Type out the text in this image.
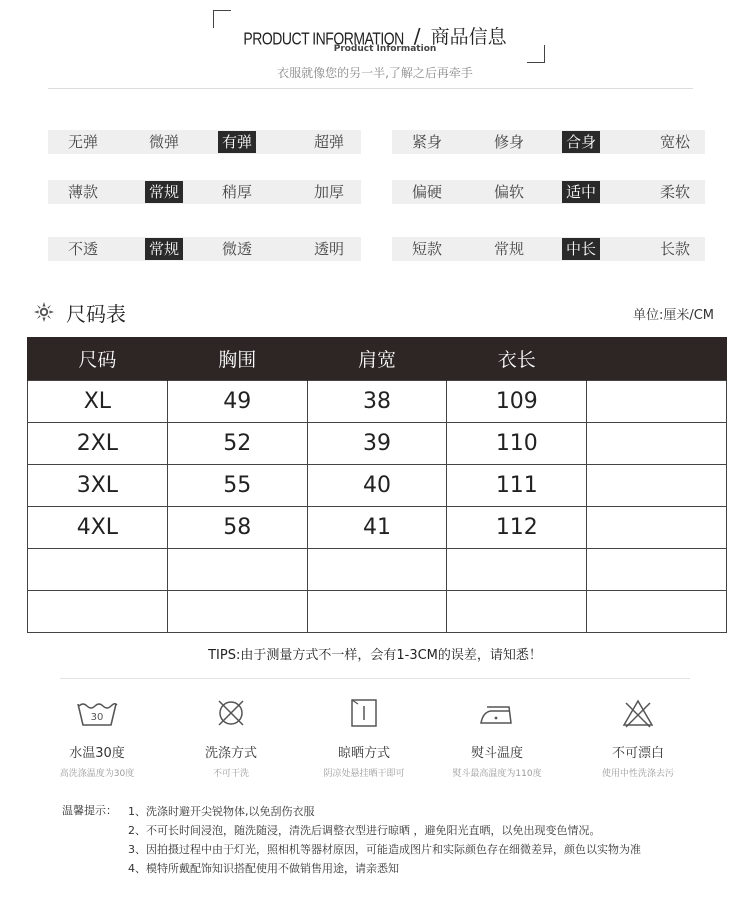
PRODUCT INFORMATION / 商品信息
Product Information
衣服就像您的另一半,了解之后再牵手
无弹	微弹	有弹	超弹	紧身	修身	合身	宽松
薄款	常规	稍厚	加厚	偏硬	偏软	适中	柔软
不透	常规	微透	透明	短款	常规	中长	长款
尺码表	单位:厘米/CM
尺码	胸围	肩宽	衣长	
XL	49	38	109	
2XL	52	39	110	
3XL	55	40	111	
4XL	58	41	112	

TIPS:由于测量方式不一样，会有1-3CM的误差，请知悉！
30
水温30度
高洗涤温度为30度
洗涤方式
不可干洗
晾晒方式
阴凉处悬挂晒干即可
熨斗温度
熨斗最高温度为110度
不可漂白
使用中性洗涤去污
温馨提示：	1、洗涤时避开尖锐物体,以免刮伤衣服
2、不可长时间浸泡，随洗随浸，清洗后调整衣型进行晾晒 ，避免阳光直晒，以免出现变色情况。
3、因拍摄过程中由于灯光，照相机等器材原因，可能造成图片和实际颜色存在细微差异，颜色以实物为准
4、模特所戴配饰知识搭配使用不做销售用途，请亲悉知
